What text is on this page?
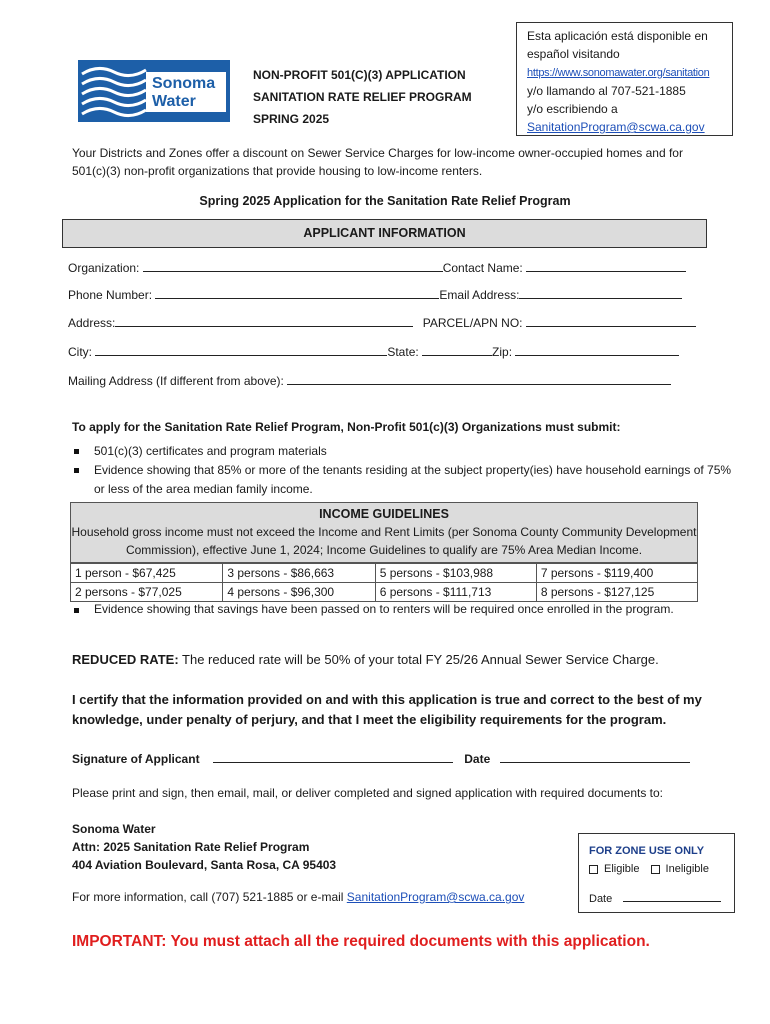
Sonoma
Water
NON-PROFIT 501(C)(3) APPLICATION
SANITATION RATE RELIEF PROGRAM
SPRING 2025
Esta aplicación está disponible en
español visitando
https://www.sonomawater.org/sanitation
y/o llamando al 707-521-1885
y/o escribiendo a
SanitationProgram@scwa.ca.gov
Your Districts and Zones offer a discount on Sewer Service Charges for low-income owner-occupied homes and for 501(c)(3) non-profit organizations that provide housing to low-income renters.
Spring 2025 Application for the Sanitation Rate Relief Program
APPLICANT INFORMATION
Organization:	Contact Name:
Phone Number:	Email Address:
Address:	PARCEL/APN NO:
City:	State:	Zip:
Mailing Address (If different from above):
To apply for the Sanitation Rate Relief Program, Non-Profit 501(c)(3) Organizations must submit:
501(c)(3) certificates and program materials
Evidence showing that 85% or more of the tenants residing at the subject property(ies) have household earnings of 75% or less of the area median family income.
INCOME GUIDELINES
Household gross income must not exceed the Income and Rent Limits (per Sonoma County Community Development Commission), effective June 1, 2024; Income Guidelines to qualify are 75% Area Median Income.
1 person - $67,425	3 persons - $86,663	5 persons - $103,988	7 persons - $119,400
2 persons - $77,025	4 persons - $96,300	6 persons - $111,713	8 persons - $127,125
Evidence showing that savings have been passed on to renters will be required once enrolled in the program.
REDUCED RATE: The reduced rate will be 50% of your total FY 25/26 Annual Sewer Service Charge.
I certify that the information provided on and with this application is true and correct to the best of my knowledge, under penalty of perjury, and that I meet the eligibility requirements for the program.
Signature of Applicant	Date
Please print and sign, then email, mail, or deliver completed and signed application with required documents to:
Sonoma Water
Attn: 2025 Sanitation Rate Relief Program
404 Aviation Boulevard, Santa Rosa, CA 95403
FOR ZONE USE ONLY
Eligible Ineligible
Date
For more information, call (707) 521-1885 or e-mail SanitationProgram@scwa.ca.gov
IMPORTANT: You must attach all the required documents with this application.
